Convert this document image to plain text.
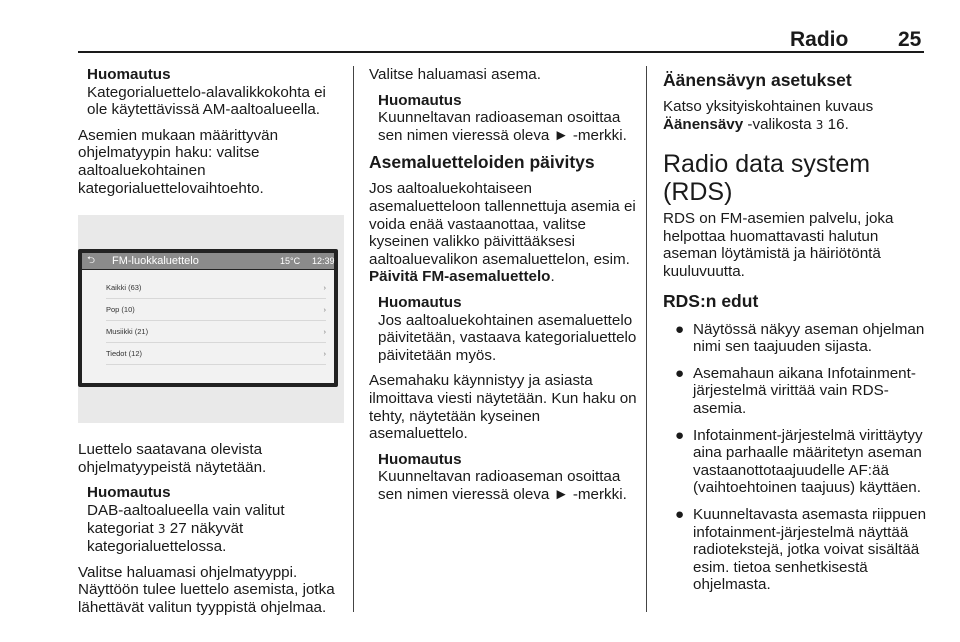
Radio 25
Huomautus
Kategorialuettelo-alavalikkokohta ei ole käytettävissä AM-aaltoalueella.

Asemien mukaan määrittyvän ohjelmatyypin haku: valitse aaltoaluekohtainen kategorialuettelovaihtoehto.

⮌ FM-luokkaluettelo	15°C 12:39
Kaikki (63)	›
Pop (10)	›
Musiikki (21)	›
Tiedot (12)	›

Luettelo saatavana olevista ohjelmatyypeistä näytetään.

Huomautus
DAB-aaltoalueella vain valitut kategoriat 3 27 näkyvät kategorialuettelossa.

Valitse haluamasi ohjelmatyyppi. Näyttöön tulee luettelo asemista, jotka lähettävät valitun tyyppistä ohjelmaa.

Valitse haluamasi asema.

Huomautus
Kuunneltavan radioaseman osoittaa sen nimen vieressä oleva ► -merkki.
Asemaluetteloiden päivitys

Jos aaltoaluekohtaiseen asemaluetteloon tallennettuja asemia ei voida enää vastaanottaa, valitse kyseinen valikko päivittääksesi aaltoaluevalikon asemaluettelon, esim. Päivitä FM-asemaluettelo.

Huomautus
Jos aaltoaluekohtainen asemaluettelo päivitetään, vastaava kategorialuettelo päivitetään myös.

Asemahaku käynnistyy ja asiasta ilmoittava viesti näytetään. Kun haku on tehty, näytetään kyseinen asemaluettelo.

Huomautus
Kuunneltavan radioaseman osoittaa sen nimen vieressä oleva ► -merkki.
Äänensävyn asetukset

Katso yksityiskohtainen kuvaus Äänensävy -valikosta 3 16.

Radio data system (RDS)

RDS on FM-asemien palvelu, joka helpottaa huomattavasti halutun aseman löytämistä ja häiriötöntä kuuluvuutta.

RDS:n edut
● Näytössä näkyy aseman ohjelman nimi sen taajuuden sijasta.
● Asemahaun aikana Infotainment-järjestelmä virittää vain RDS-asemia.
● Infotainment-järjestelmä virittäytyy aina parhaalle määritetyn aseman vastaanottotaajuudelle AF:ää (vaihtoehtoinen taajuus) käyttäen.
● Kuunneltavasta asemasta riippuen infotainment-järjestelmä näyttää radiotekstejä, jotka voivat sisältää esim. tietoa senhetkisestä ohjelmasta.
